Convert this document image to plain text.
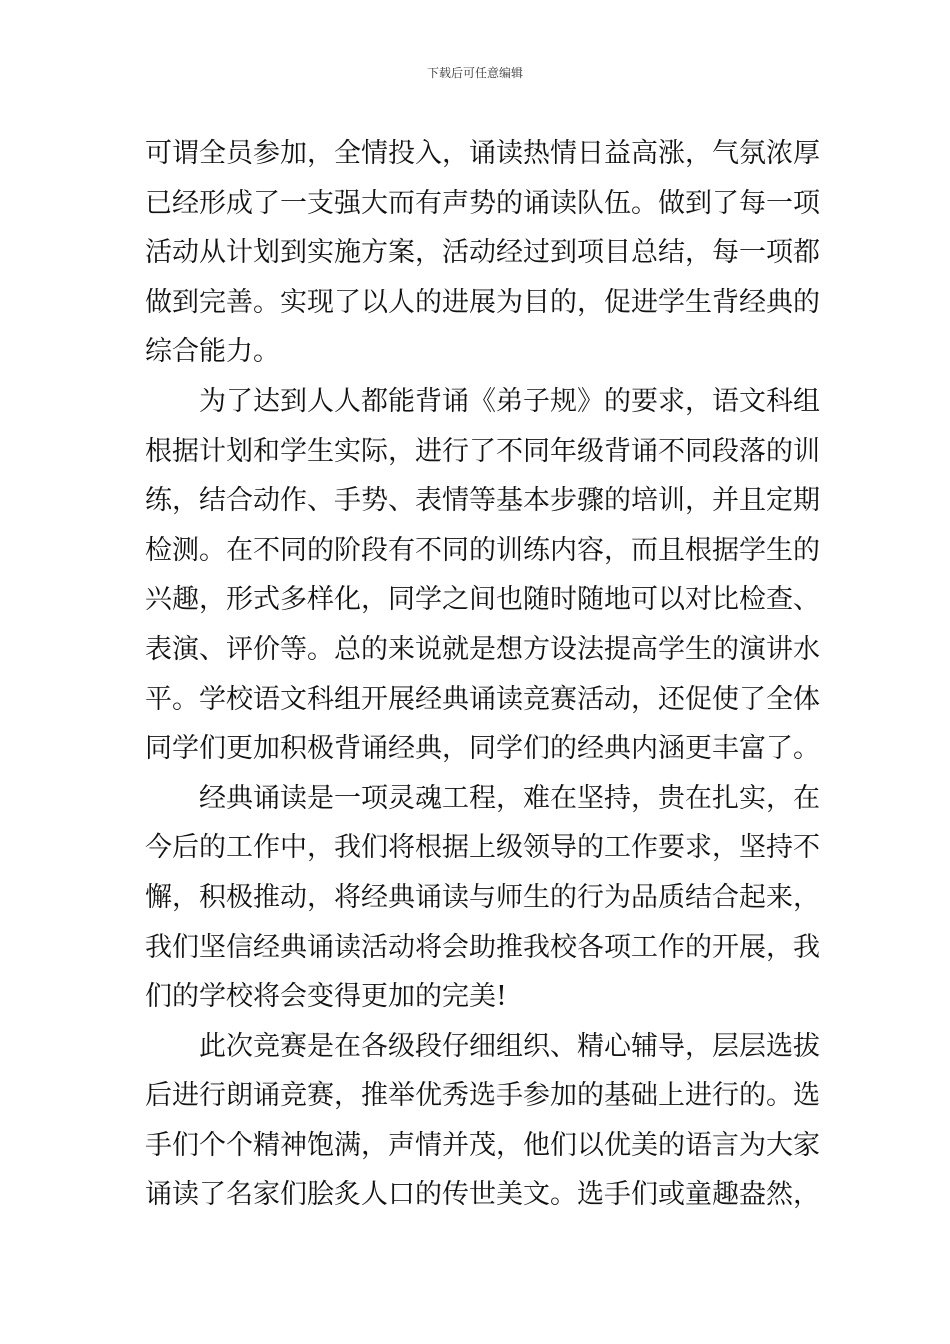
下载后可任意编辑
可谓全员参加，全情投入，诵读热情日益高涨，气氛浓厚
已经形成了一支强大而有声势的诵读队伍。做到了每一项
活动从计划到实施方案，活动经过到项目总结，每一项都
做到完善。实现了以人的进展为目的，促进学生背经典的
综合能力。
为了达到人人都能背诵《弟子规》的要求，语文科组
根据计划和学生实际，进行了不同年级背诵不同段落的训
练，结合动作、手势、表情等基本步骤的培训，并且定期
检测。在不同的阶段有不同的训练内容，而且根据学生的
兴趣，形式多样化，同学之间也随时随地可以对比检查、
表演、评价等。总的来说就是想方设法提高学生的演讲水
平。学校语文科组开展经典诵读竞赛活动，还促使了全体
同学们更加积极背诵经典，同学们的经典内涵更丰富了。
经典诵读是一项灵魂工程，难在坚持，贵在扎实，在
今后的工作中，我们将根据上级领导的工作要求，坚持不
懈，积极推动，将经典诵读与师生的行为品质结合起来，
我们坚信经典诵读活动将会助推我校各项工作的开展，我
们的学校将会变得更加的完美!
此次竞赛是在各级段仔细组织、精心辅导，层层选拔
后进行朗诵竞赛，推举优秀选手参加的基础上进行的。选
手们个个精神饱满，声情并茂，他们以优美的语言为大家
诵读了名家们脍炙人口的传世美文。选手们或童趣盎然，
